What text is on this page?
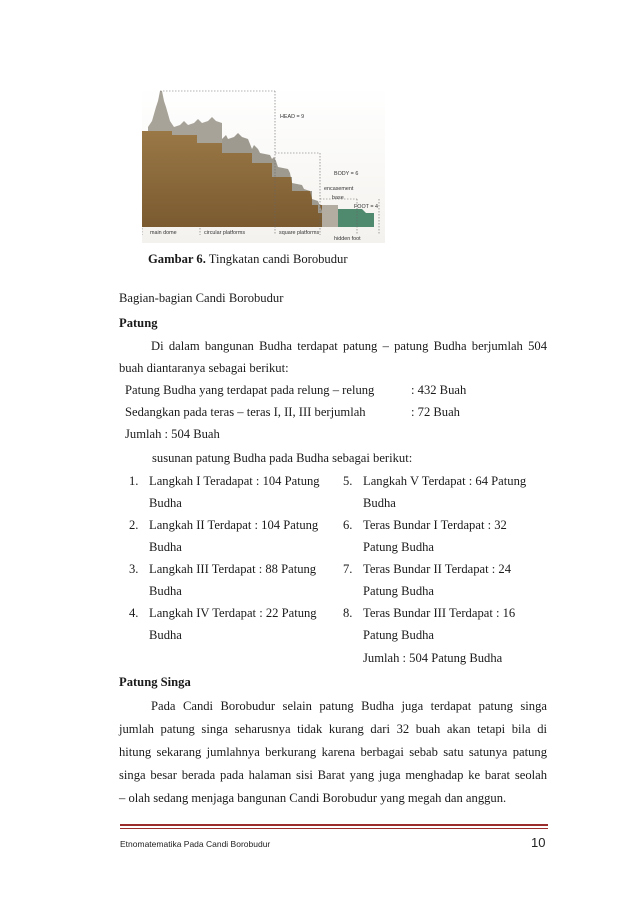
HEAD = 9
BODY = 6
encasement
base
FOOT = 4
main dome	circular platforms	square platforms
hidden foot
Gambar 6. Tingkatan candi Borobudur
Bagian-bagian Candi Borobudur
Patung
Di dalam bangunan Budha terdapat patung – patung Budha berjumlah 504
buah diantaranya sebagai berikut:
Patung Budha yang terdapat pada relung – relung	: 432 Buah
Sedangkan pada teras – teras I, II, III berjumlah	: 72 Buah
Jumlah : 504 Buah
susunan patung Budha pada Budha sebagai berikut:
1. Langkah I Teradapat : 104 Patung
Budha
2. Langkah II Terdapat : 104 Patung
Budha
3. Langkah III Terdapat : 88 Patung
Budha
4. Langkah IV Terdapat : 22 Patung
Budha
5. Langkah V Terdapat : 64 Patung
Budha
6. Teras Bundar I Terdapat : 32
Patung Budha
7. Teras Bundar II Terdapat : 24
Patung Budha
8. Teras Bundar III Terdapat : 16
Patung Budha
Jumlah : 504 Patung Budha
Patung Singa
Pada Candi Borobudur selain patung Budha juga terdapat patung singa
jumlah patung singa seharusnya tidak kurang dari 32 buah akan tetapi bila di
hitung sekarang jumlahnya berkurang karena berbagai sebab satu satunya patung
singa besar berada pada halaman sisi Barat yang juga menghadap ke barat seolah
– olah sedang menjaga bangunan Candi Borobudur yang megah dan anggun.
Etnomatematika Pada Candi Borobudur	10
